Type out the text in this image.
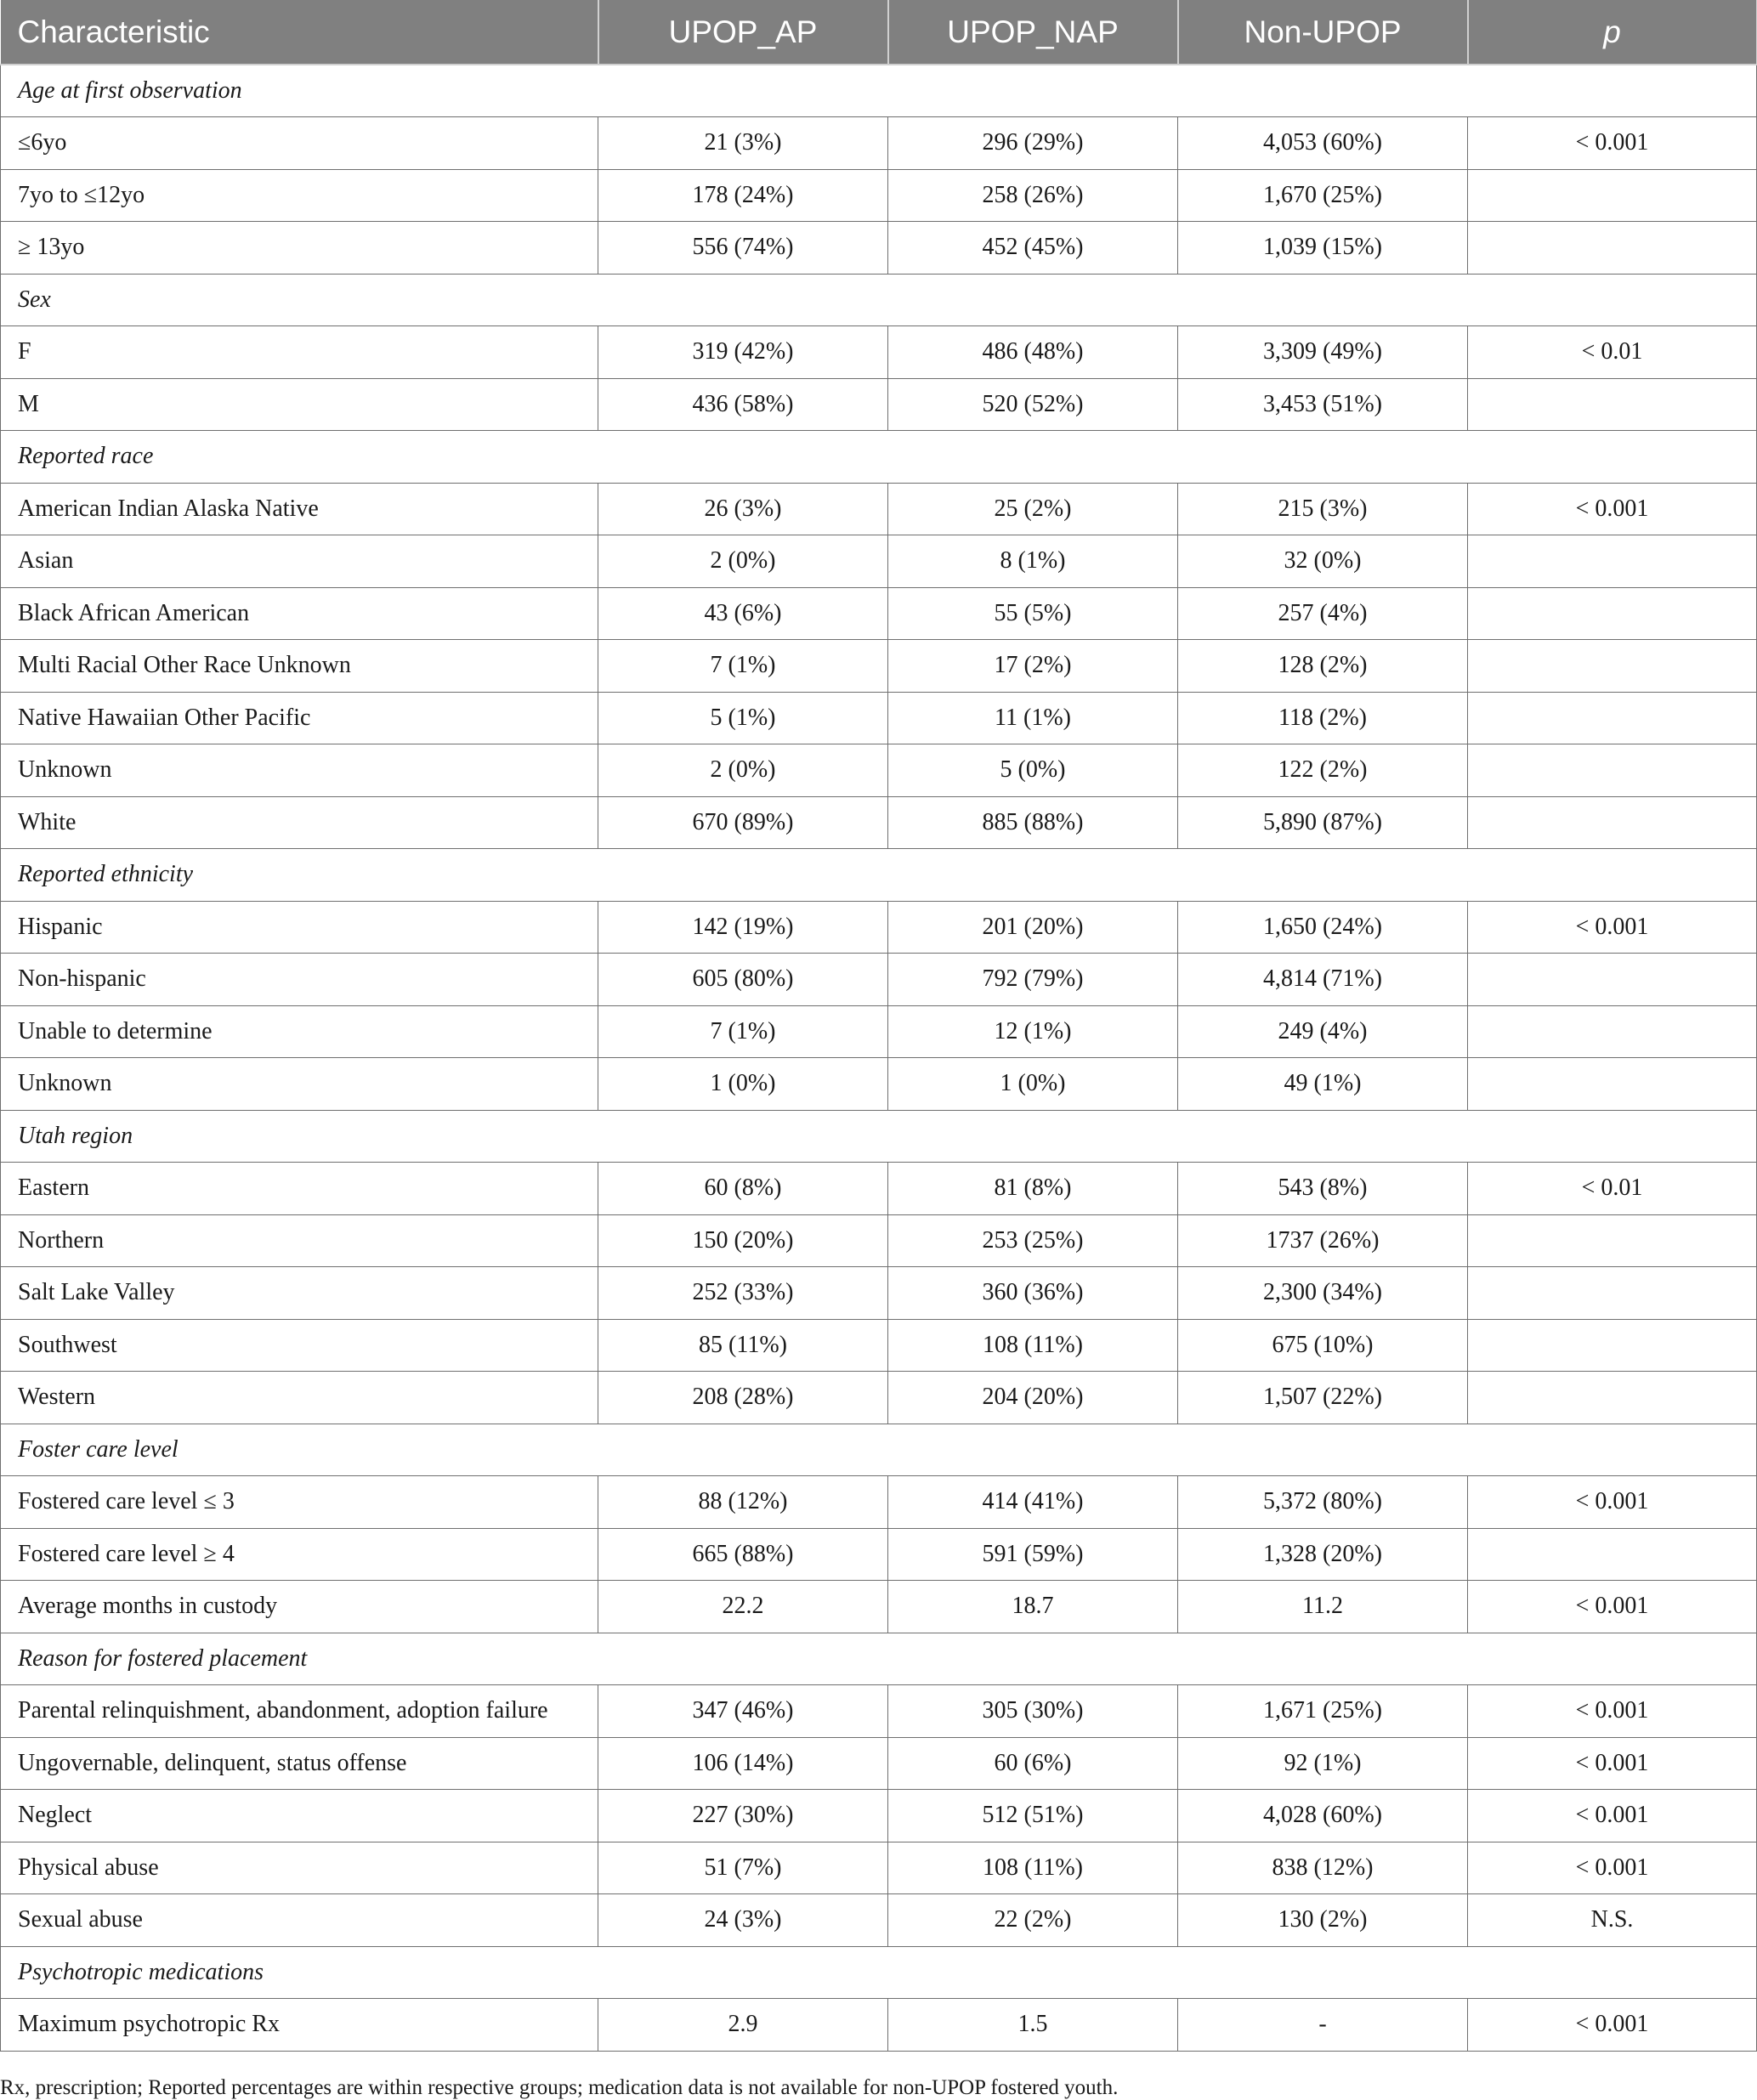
Characteristic	UPOP_AP	UPOP_NAP	Non-UPOP	p
Age at first observation				
≤6yo	21 (3%)	296 (29%)	4,053 (60%)	< 0.001
7yo to ≤12yo	178 (24%)	258 (26%)	1,670 (25%)	
≥ 13yo	556 (74%)	452 (45%)	1,039 (15%)	
Sex				
F	319 (42%)	486 (48%)	3,309 (49%)	< 0.01
M	436 (58%)	520 (52%)	3,453 (51%)	
Reported race				
American Indian Alaska Native	26 (3%)	25 (2%)	215 (3%)	< 0.001
Asian	2 (0%)	8 (1%)	32 (0%)	
Black African American	43 (6%)	55 (5%)	257 (4%)	
Multi Racial Other Race Unknown	7 (1%)	17 (2%)	128 (2%)	
Native Hawaiian Other Pacific	5 (1%)	11 (1%)	118 (2%)	
Unknown	2 (0%)	5 (0%)	122 (2%)	
White	670 (89%)	885 (88%)	5,890 (87%)	
Reported ethnicity				
Hispanic	142 (19%)	201 (20%)	1,650 (24%)	< 0.001
Non-hispanic	605 (80%)	792 (79%)	4,814 (71%)	
Unable to determine	7 (1%)	12 (1%)	249 (4%)	
Unknown	1 (0%)	1 (0%)	49 (1%)	
Utah region				
Eastern	60 (8%)	81 (8%)	543 (8%)	< 0.01
Northern	150 (20%)	253 (25%)	1737 (26%)	
Salt Lake Valley	252 (33%)	360 (36%)	2,300 (34%)	
Southwest	85 (11%)	108 (11%)	675 (10%)	
Western	208 (28%)	204 (20%)	1,507 (22%)	
Foster care level				
Fostered care level ≤ 3	88 (12%)	414 (41%)	5,372 (80%)	< 0.001
Fostered care level ≥ 4	665 (88%)	591 (59%)	1,328 (20%)	
Average months in custody	22.2	18.7	11.2	< 0.001
Reason for fostered placement				
Parental relinquishment, abandonment, adoption failure	347 (46%)	305 (30%)	1,671 (25%)	< 0.001
Ungovernable, delinquent, status offense	106 (14%)	60 (6%)	92 (1%)	< 0.001
Neglect	227 (30%)	512 (51%)	4,028 (60%)	< 0.001
Physical abuse	51 (7%)	108 (11%)	838 (12%)	< 0.001
Sexual abuse	24 (3%)	22 (2%)	130 (2%)	N.S.
Psychotropic medications				
Maximum psychotropic Rx	2.9	1.5	-	< 0.001
Rx, prescription; Reported percentages are within respective groups; medication data is not available for non-UPOP fostered youth.
